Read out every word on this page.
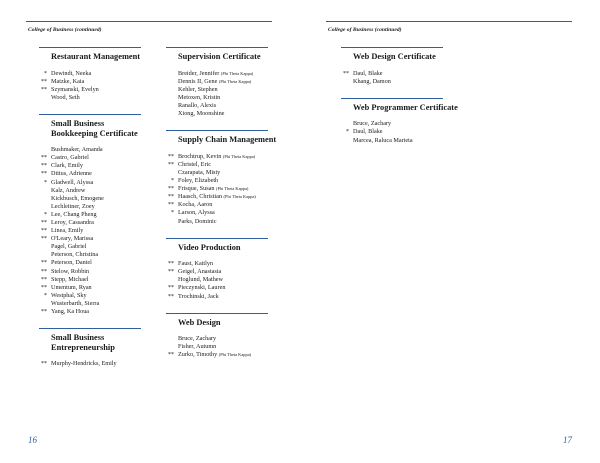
College of Business (continued)
Restaurant Management
* Dewindt, Neeka
** Matzke, Kaia
** Szymanski, Evelyn
Wood, Seth
Small Business Bookkeeping Certificate
Bushmaker, Amanda
** Castro, Gabriel
** Clark, Emily
** Dittus, Adrienne
* Gladwell, Alyssa
Kalz, Andrew
Kickbusch, Emogene
Lechleitner, Zoey
* Lee, Chang Pheng
** Leroy, Cassandra
** Linea, Emily
** O'Leary, Marissa
Pagel, Gabriel
Peterson, Christina
** Peterson, Daniel
** Stelow, Robbin
** Stepp, Michael
** Umentum, Ryan
* Westphal, Sky
Wusterbarth, Sierra
** Yang, Ka Houa
Small Business Entrepreneurship
** Murphy-Hendricks, Emily
Supervision Certificate
Breider, Jennifer (Phi Theta Kappa)
Dennis II, Gene (Phi Theta Kappa)
Kehler, Stephen
Metoxen, Kristin
Ranallo, Alexis
Xiong, Moonshine
Supply Chain Management
** Brochtrup, Kevin (Phi Theta Kappa)
** Christel, Eric
Czarapata, Misty
* Foley, Elizabeth
** Frisque, Susan (Phi Theta Kappa)
** Haasch, Christian (Phi Theta Kappa)
** Kocha, Aaron
* Larson, Alyssa
Parks, Dominic
Video Production
** Faust, Kaitlyn
** Geigel, Anastasia
Hoglund, Mathew
** Pieczynski, Lauren
** Trochinski, Jack
Web Design
Bruce, Zachary
Fisher, Autumn
** Zurko, Timothy (Phi Theta Kappa)
16
College of Business (continued)
Web Design Certificate
** Daul, Blake
Khang, Damon
Web Programmer Certificate
Bruce, Zachary
* Daul, Blake
Marcea, Raluca Marieta
17
